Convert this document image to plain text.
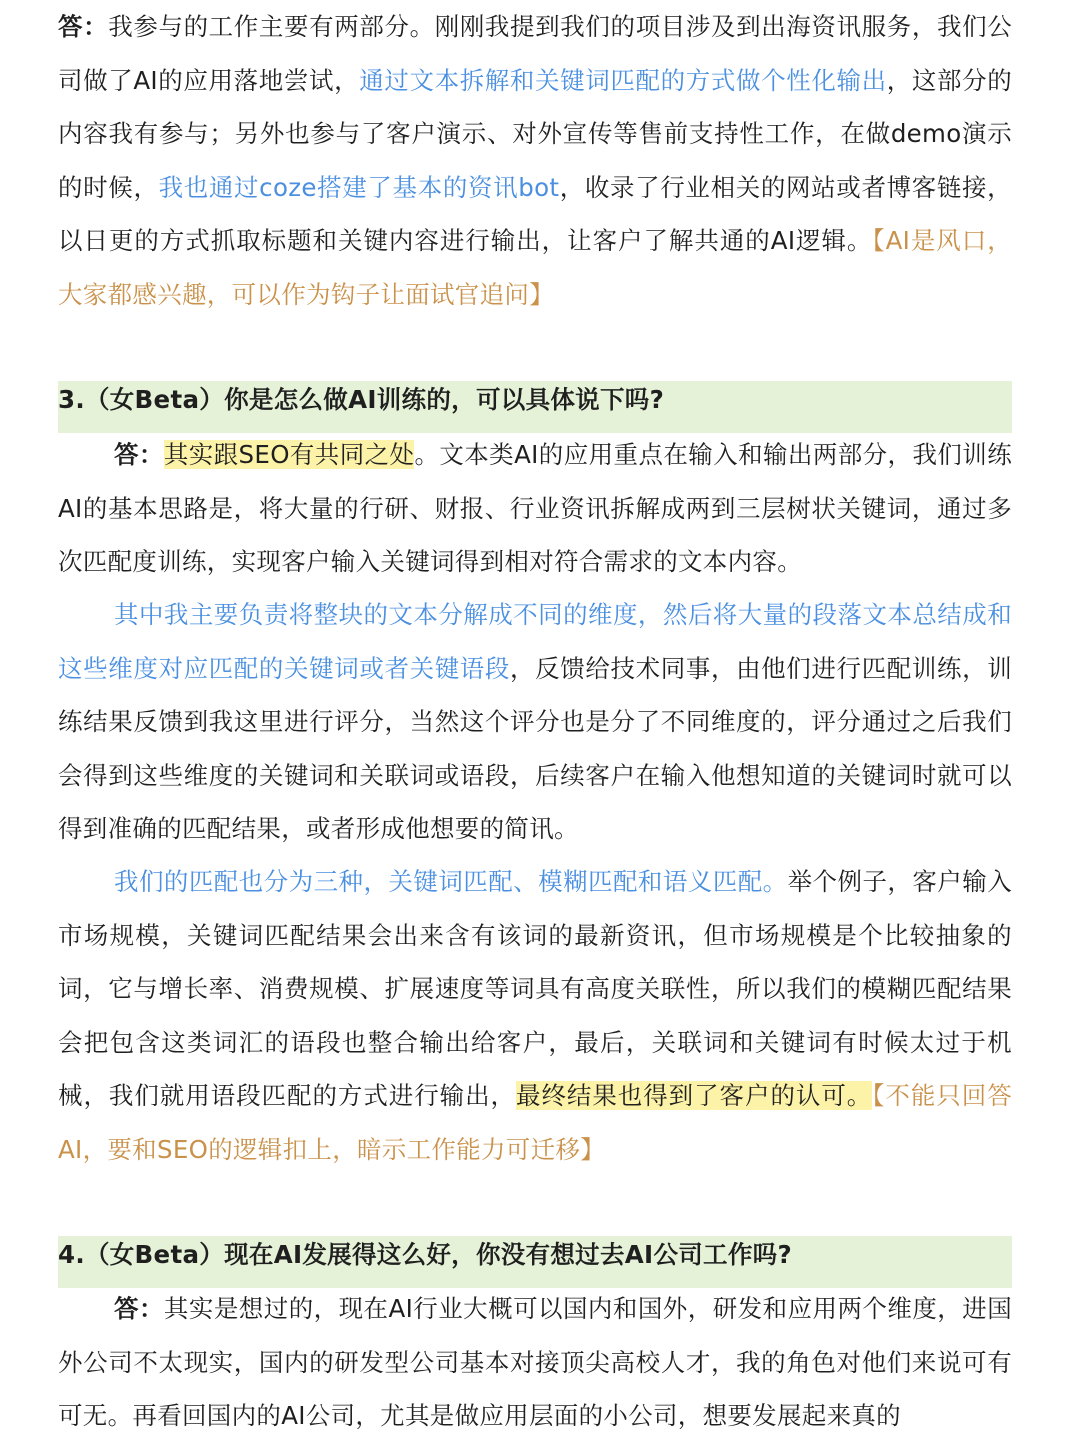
答：我参与的工作主要有两部分。刚刚我提到我们的项目涉及到出海资讯服务，我们公司做了AI的应用落地尝试，通过文本拆解和关键词匹配的方式做个性化输出，这部分的内容我有参与；另外也参与了客户演示、对外宣传等售前支持性工作，在做demo演示的时候，我也通过coze搭建了基本的资讯bot，收录了行业相关的网站或者博客链接，以日更的方式抓取标题和关键内容进行输出，让客户了解共通的AI逻辑。【AI是风口，大家都感兴趣，可以作为钩子让面试官追问】

3.（女Beta）你是怎么做AI训练的，可以具体说下吗?

答：其实跟SEO有共同之处。文本类AI的应用重点在输入和输出两部分，我们训练AI的基本思路是，将大量的行研、财报、行业资讯拆解成两到三层树状关键词，通过多次匹配度训练，实现客户输入关键词得到相对符合需求的文本内容。

其中我主要负责将整块的文本分解成不同的维度，然后将大量的段落文本总结成和这些维度对应匹配的关键词或者关键语段，反馈给技术同事，由他们进行匹配训练，训练结果反馈到我这里进行评分，当然这个评分也是分了不同维度的，评分通过之后我们会得到这些维度的关键词和关联词或语段，后续客户在输入他想知道的关键词时就可以得到准确的匹配结果，或者形成他想要的简讯。

我们的匹配也分为三种，关键词匹配、模糊匹配和语义匹配。举个例子，客户输入市场规模，关键词匹配结果会出来含有该词的最新资讯，但市场规模是个比较抽象的词，它与增长率、消费规模、扩展速度等词具有高度关联性，所以我们的模糊匹配结果会把包含这类词汇的语段也整合输出给客户，最后，关联词和关键词有时候太过于机械，我们就用语段匹配的方式进行输出，最终结果也得到了客户的认可。【不能只回答AI，要和SEO的逻辑扣上，暗示工作能力可迁移】

4.（女Beta）现在AI发展得这么好，你没有想过去AI公司工作吗?

答：其实是想过的，现在AI行业大概可以国内和国外，研发和应用两个维度，进国外公司不太现实，国内的研发型公司基本对接顶尖高校人才，我的角色对他们来说可有可无。再看回国内的AI公司，尤其是做应用层面的小公司，想要发展起来真的
